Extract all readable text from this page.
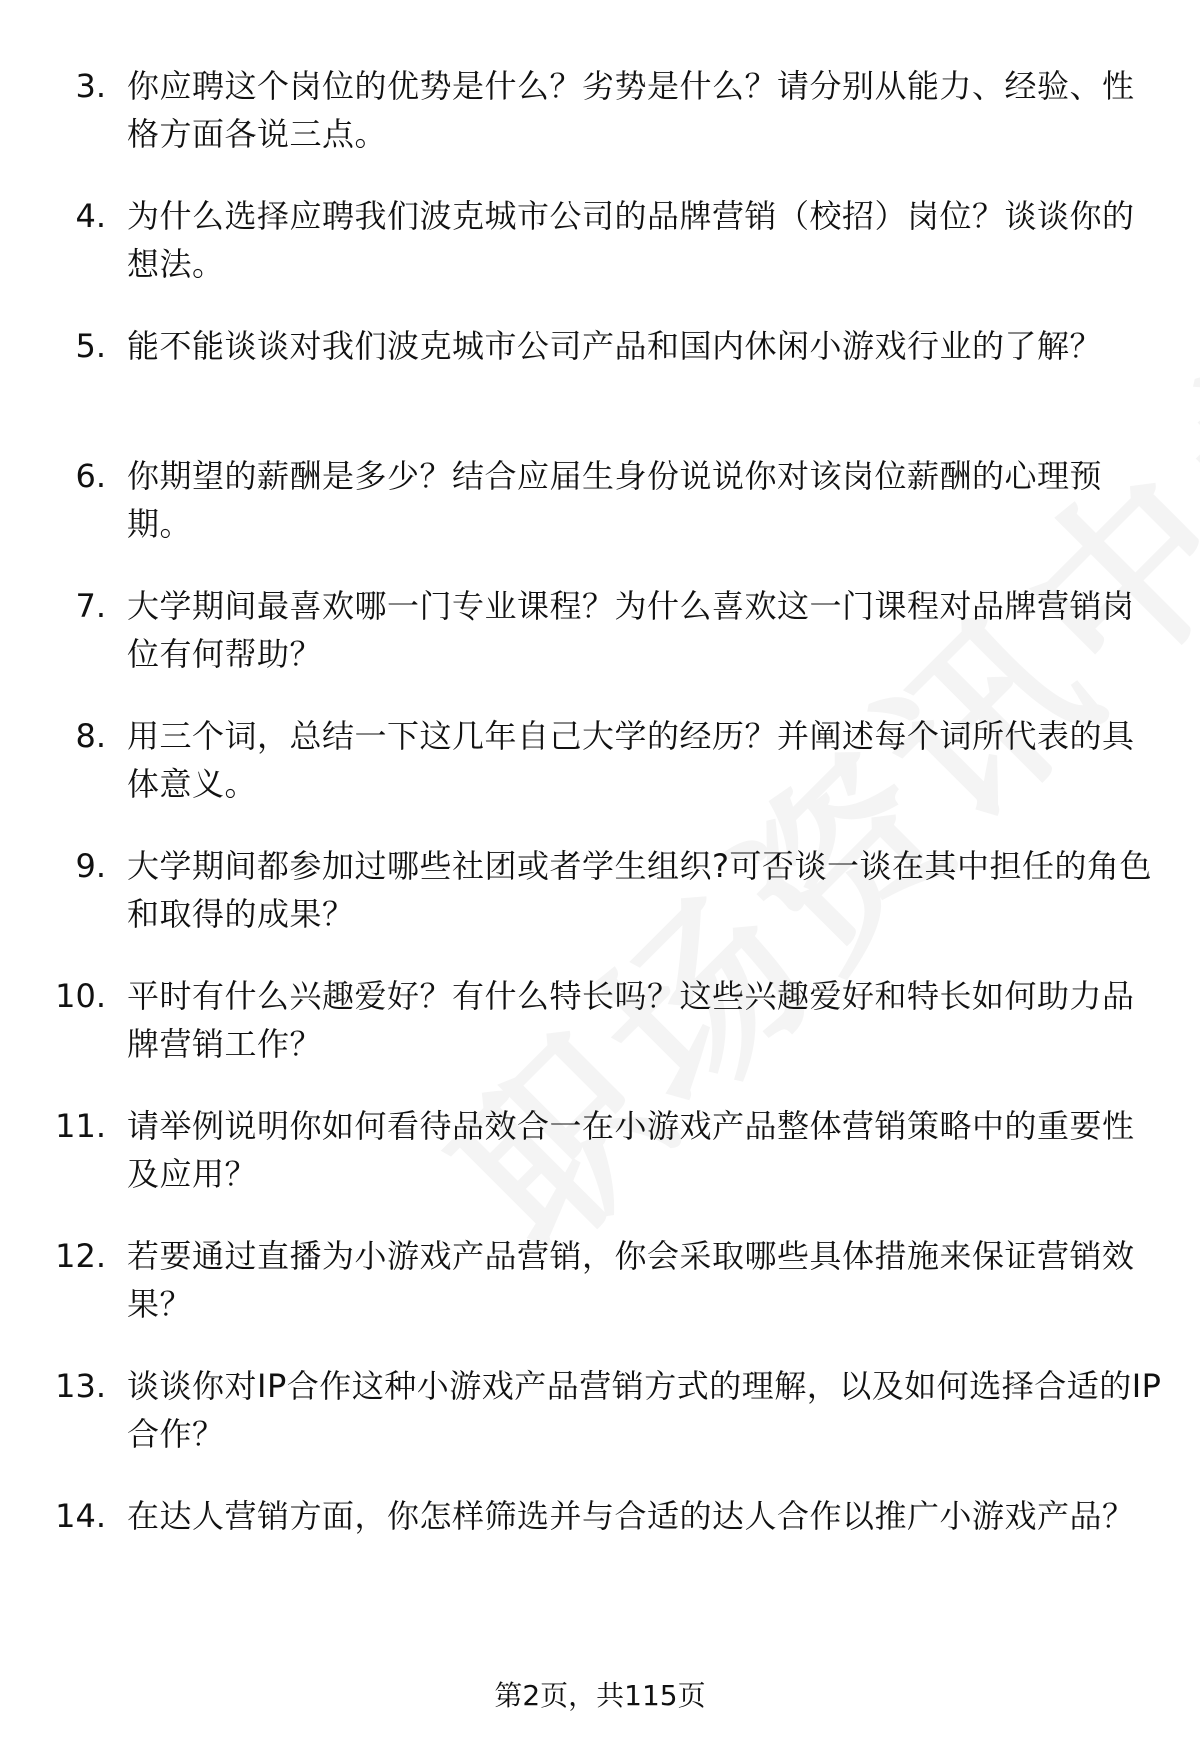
3. 你应聘这个岗位的优势是什么？劣势是什么？请分别从能力、经验、性格方面各说三点。
4. 为什么选择应聘我们波克城市公司的品牌营销（校招）岗位？谈谈你的想法。
5. 能不能谈谈对我们波克城市公司产品和国内休闲小游戏行业的了解？
6. 你期望的薪酬是多少？结合应届生身份说说你对该岗位薪酬的心理预期。
7. 大学期间最喜欢哪一门专业课程？为什么喜欢这一门课程对品牌营销岗位有何帮助？
8. 用三个词，总结一下这几年自己大学的经历？并阐述每个词所代表的具体意义。
9. 大学期间都参加过哪些社团或者学生组织?可否谈一谈在其中担任的角色和取得的成果？
10. 平时有什么兴趣爱好？有什么特长吗？这些兴趣爱好和特长如何助力品牌营销工作？
11. 请举例说明你如何看待品效合一在小游戏产品整体营销策略中的重要性及应用？
12. 若要通过直播为小游戏产品营销，你会采取哪些具体措施来保证营销效果？
13. 谈谈你对IP合作这种小游戏产品营销方式的理解，以及如何选择合适的IP合作？
14. 在达人营销方面，你怎样筛选并与合适的达人合作以推广小游戏产品？
第2页，共115页
